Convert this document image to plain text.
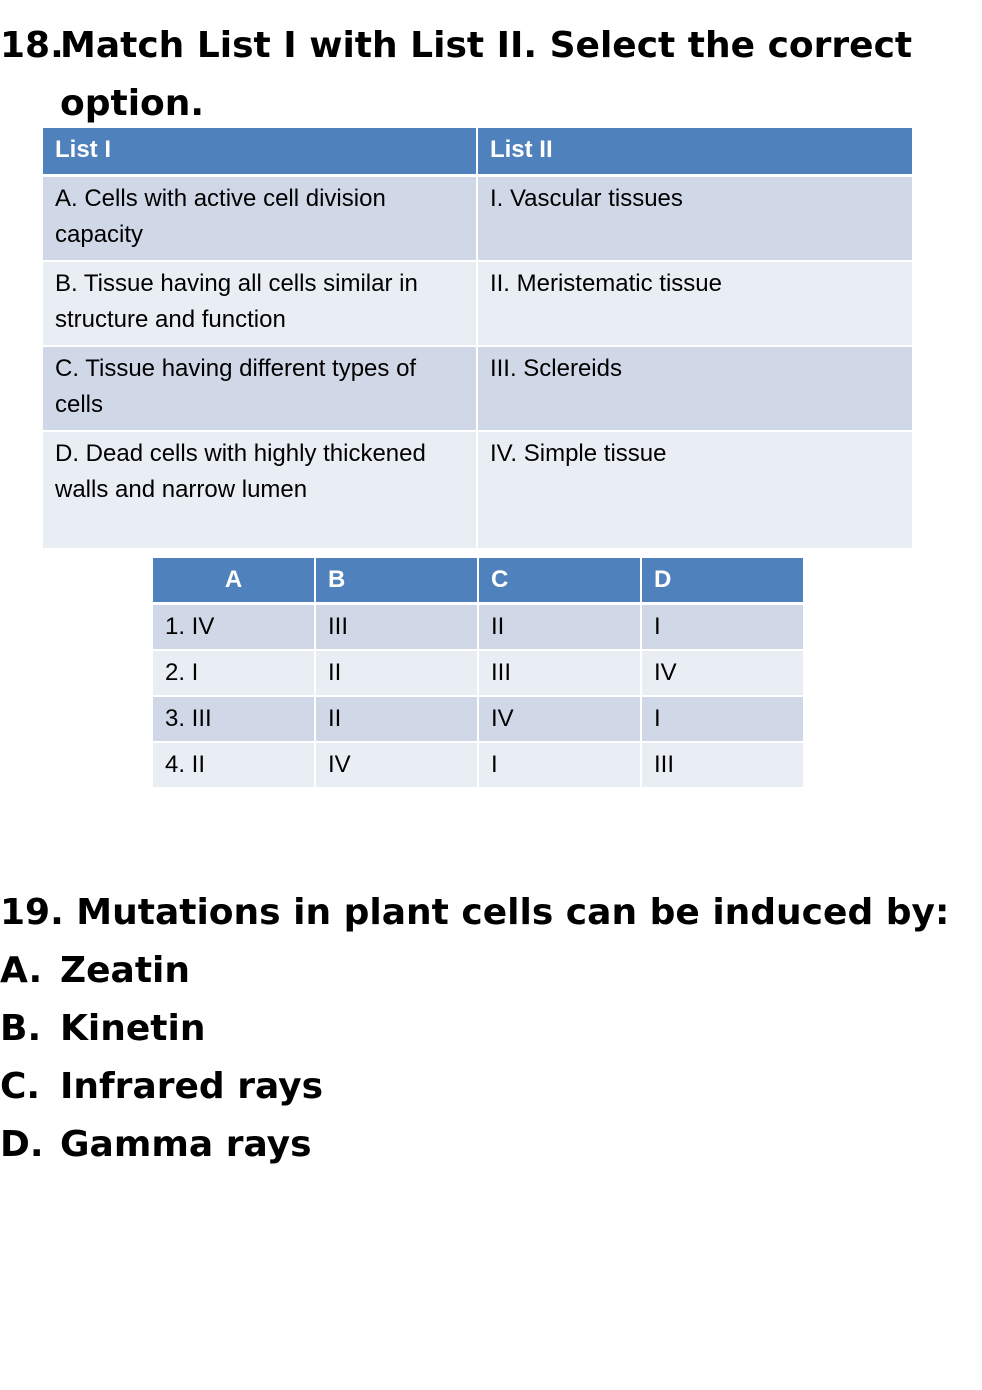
18.Match List I with List II. Select the correct
option.
List I	List II
A. Cells with active cell division capacity	I. Vascular tissues
B. Tissue having all cells similar in structure and function	II. Meristematic tissue
C. Tissue having different types of cells	III. Sclereids
D. Dead cells with highly thickened walls and narrow lumen	IV. Simple tissue
A	B	C	D
1. IV	III	II	I
2. I	II	III	IV
3. III	II	IV	I
4. II	IV	I	III
19. Mutations in plant cells can be induced by:
A. Zeatin
B. Kinetin
C. Infrared rays
D. Gamma rays
